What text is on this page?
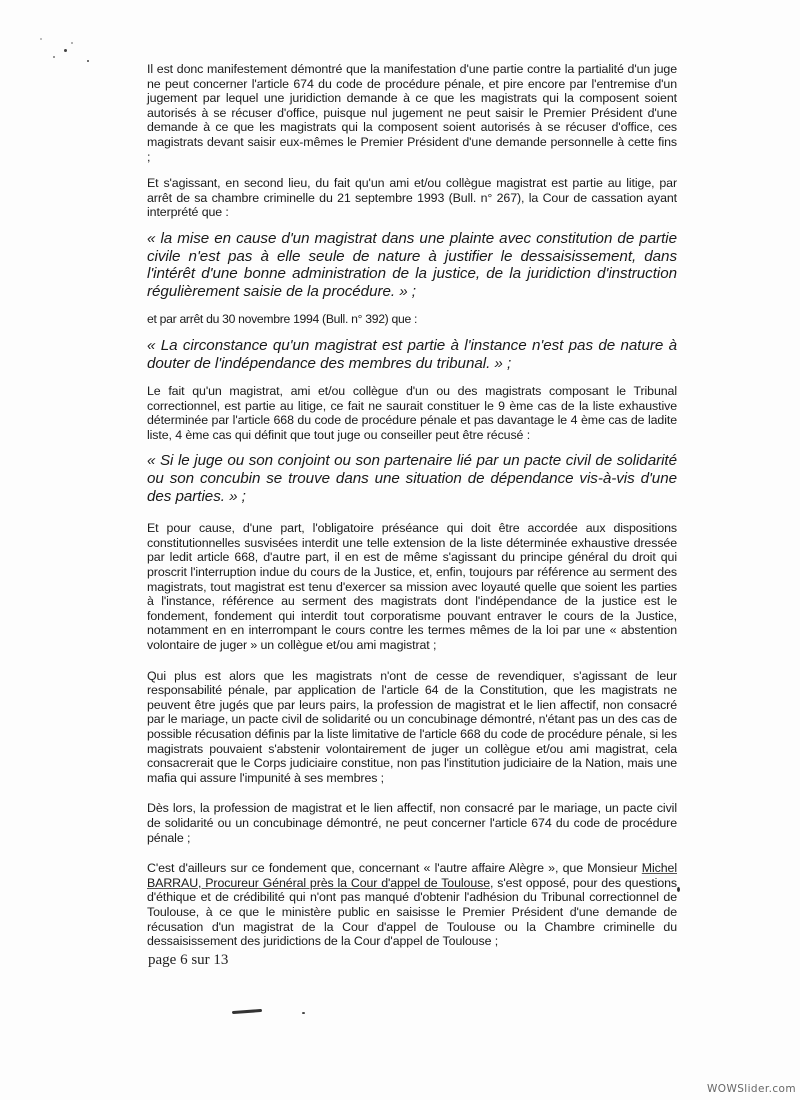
Il est donc manifestement démontré que la manifestation d'une partie contre la partialité d'un juge ne peut concerner l'article 674 du code de procédure pénale, et pire encore par l'entremise d'un jugement par lequel une juridiction demande à ce que les magistrats qui la composent soient autorisés à se récuser d'office, puisque nul jugement ne peut saisir le Premier Président d'une demande à ce que les magistrats qui la composent soient autorisés à se récuser d'office, ces magistrats devant saisir eux-mêmes le Premier Président d'une demande personnelle à cette fins ;

Et s'agissant, en second lieu, du fait qu'un ami et/ou collègue magistrat est partie au litige, par arrêt de sa chambre criminelle du 21 septembre 1993 (Bull. n° 267), la Cour de cassation ayant interprété que :

« la mise en cause d'un magistrat dans une plainte avec constitution de partie civile n'est pas à elle seule de nature à justifier le dessaisissement, dans l'intérêt d'une bonne administration de la justice, de la juridiction d'instruction régulièrement saisie de la procédure. » ;

et par arrêt du 30 novembre 1994 (Bull. n° 392) que :

« La circonstance qu'un magistrat est partie à l'instance n'est pas de nature à douter de l'indépendance des membres du tribunal. » ;

Le fait qu'un magistrat, ami et/ou collègue d'un ou des magistrats composant le Tribunal correctionnel, est partie au litige, ce fait ne saurait constituer le 9 ème cas de la liste exhaustive déterminée par l'article 668 du code de procédure pénale et pas davantage le 4 ème cas de ladite liste, 4 ème cas qui définit que tout juge ou conseiller peut être récusé :

« Si le juge ou son conjoint ou son partenaire lié par un pacte civil de solidarité ou son concubin se trouve dans une situation de dépendance vis-à-vis d'une des parties. » ;

Et pour cause, d'une part, l'obligatoire préséance qui doit être accordée aux dispositions constitutionnelles susvisées interdit une telle extension de la liste déterminée exhaustive dressée par ledit article 668, d'autre part, il en est de même s'agissant du principe général du droit qui proscrit l'interruption indue du cours de la Justice, et, enfin, toujours par référence au serment des magistrats, tout magistrat est tenu d'exercer sa mission avec loyauté quelle que soient les parties à l'instance, référence au serment des magistrats dont l'indépendance de la justice est le fondement, fondement qui interdit tout corporatisme pouvant entraver le cours de la Justice, notamment en en interrompant le cours contre les termes mêmes de la loi par une « abstention volontaire de juger » un collègue et/ou ami magistrat ;

Qui plus est alors que les magistrats n'ont de cesse de revendiquer, s'agissant de leur responsabilité pénale, par application de l'article 64 de la Constitution, que les magistrats ne peuvent être jugés que par leurs pairs, la profession de magistrat et le lien affectif, non consacré par le mariage, un pacte civil de solidarité ou un concubinage démontré, n'étant pas un des cas de possible récusation définis par la liste limitative de l'article 668 du code de procédure pénale, si les magistrats pouvaient s'abstenir volontairement de juger un collègue et/ou ami magistrat, cela consacrerait que le Corps judiciaire constitue, non pas l'institution judiciaire de la Nation, mais une mafia qui assure l'impunité à ses membres ;

Dès lors, la profession de magistrat et le lien affectif, non consacré par le mariage, un pacte civil de solidarité ou un concubinage démontré, ne peut concerner l'article 674 du code de procédure pénale ;

C'est d'ailleurs sur ce fondement que, concernant « l'autre affaire Alègre », que Monsieur Michel BARRAU, Procureur Général près la Cour d'appel de Toulouse, s'est opposé, pour des questions d'éthique et de crédibilité qui n'ont pas manqué d'obtenir l'adhésion du Tribunal correctionnel de Toulouse, à ce que le ministère public en saisisse le Premier Président d'une demande de récusation d'un magistrat de la Cour d'appel de Toulouse ou la Chambre criminelle du dessaisissement des juridictions de la Cour d'appel de Toulouse ;

page 6 sur 13
WOWSlider.com
